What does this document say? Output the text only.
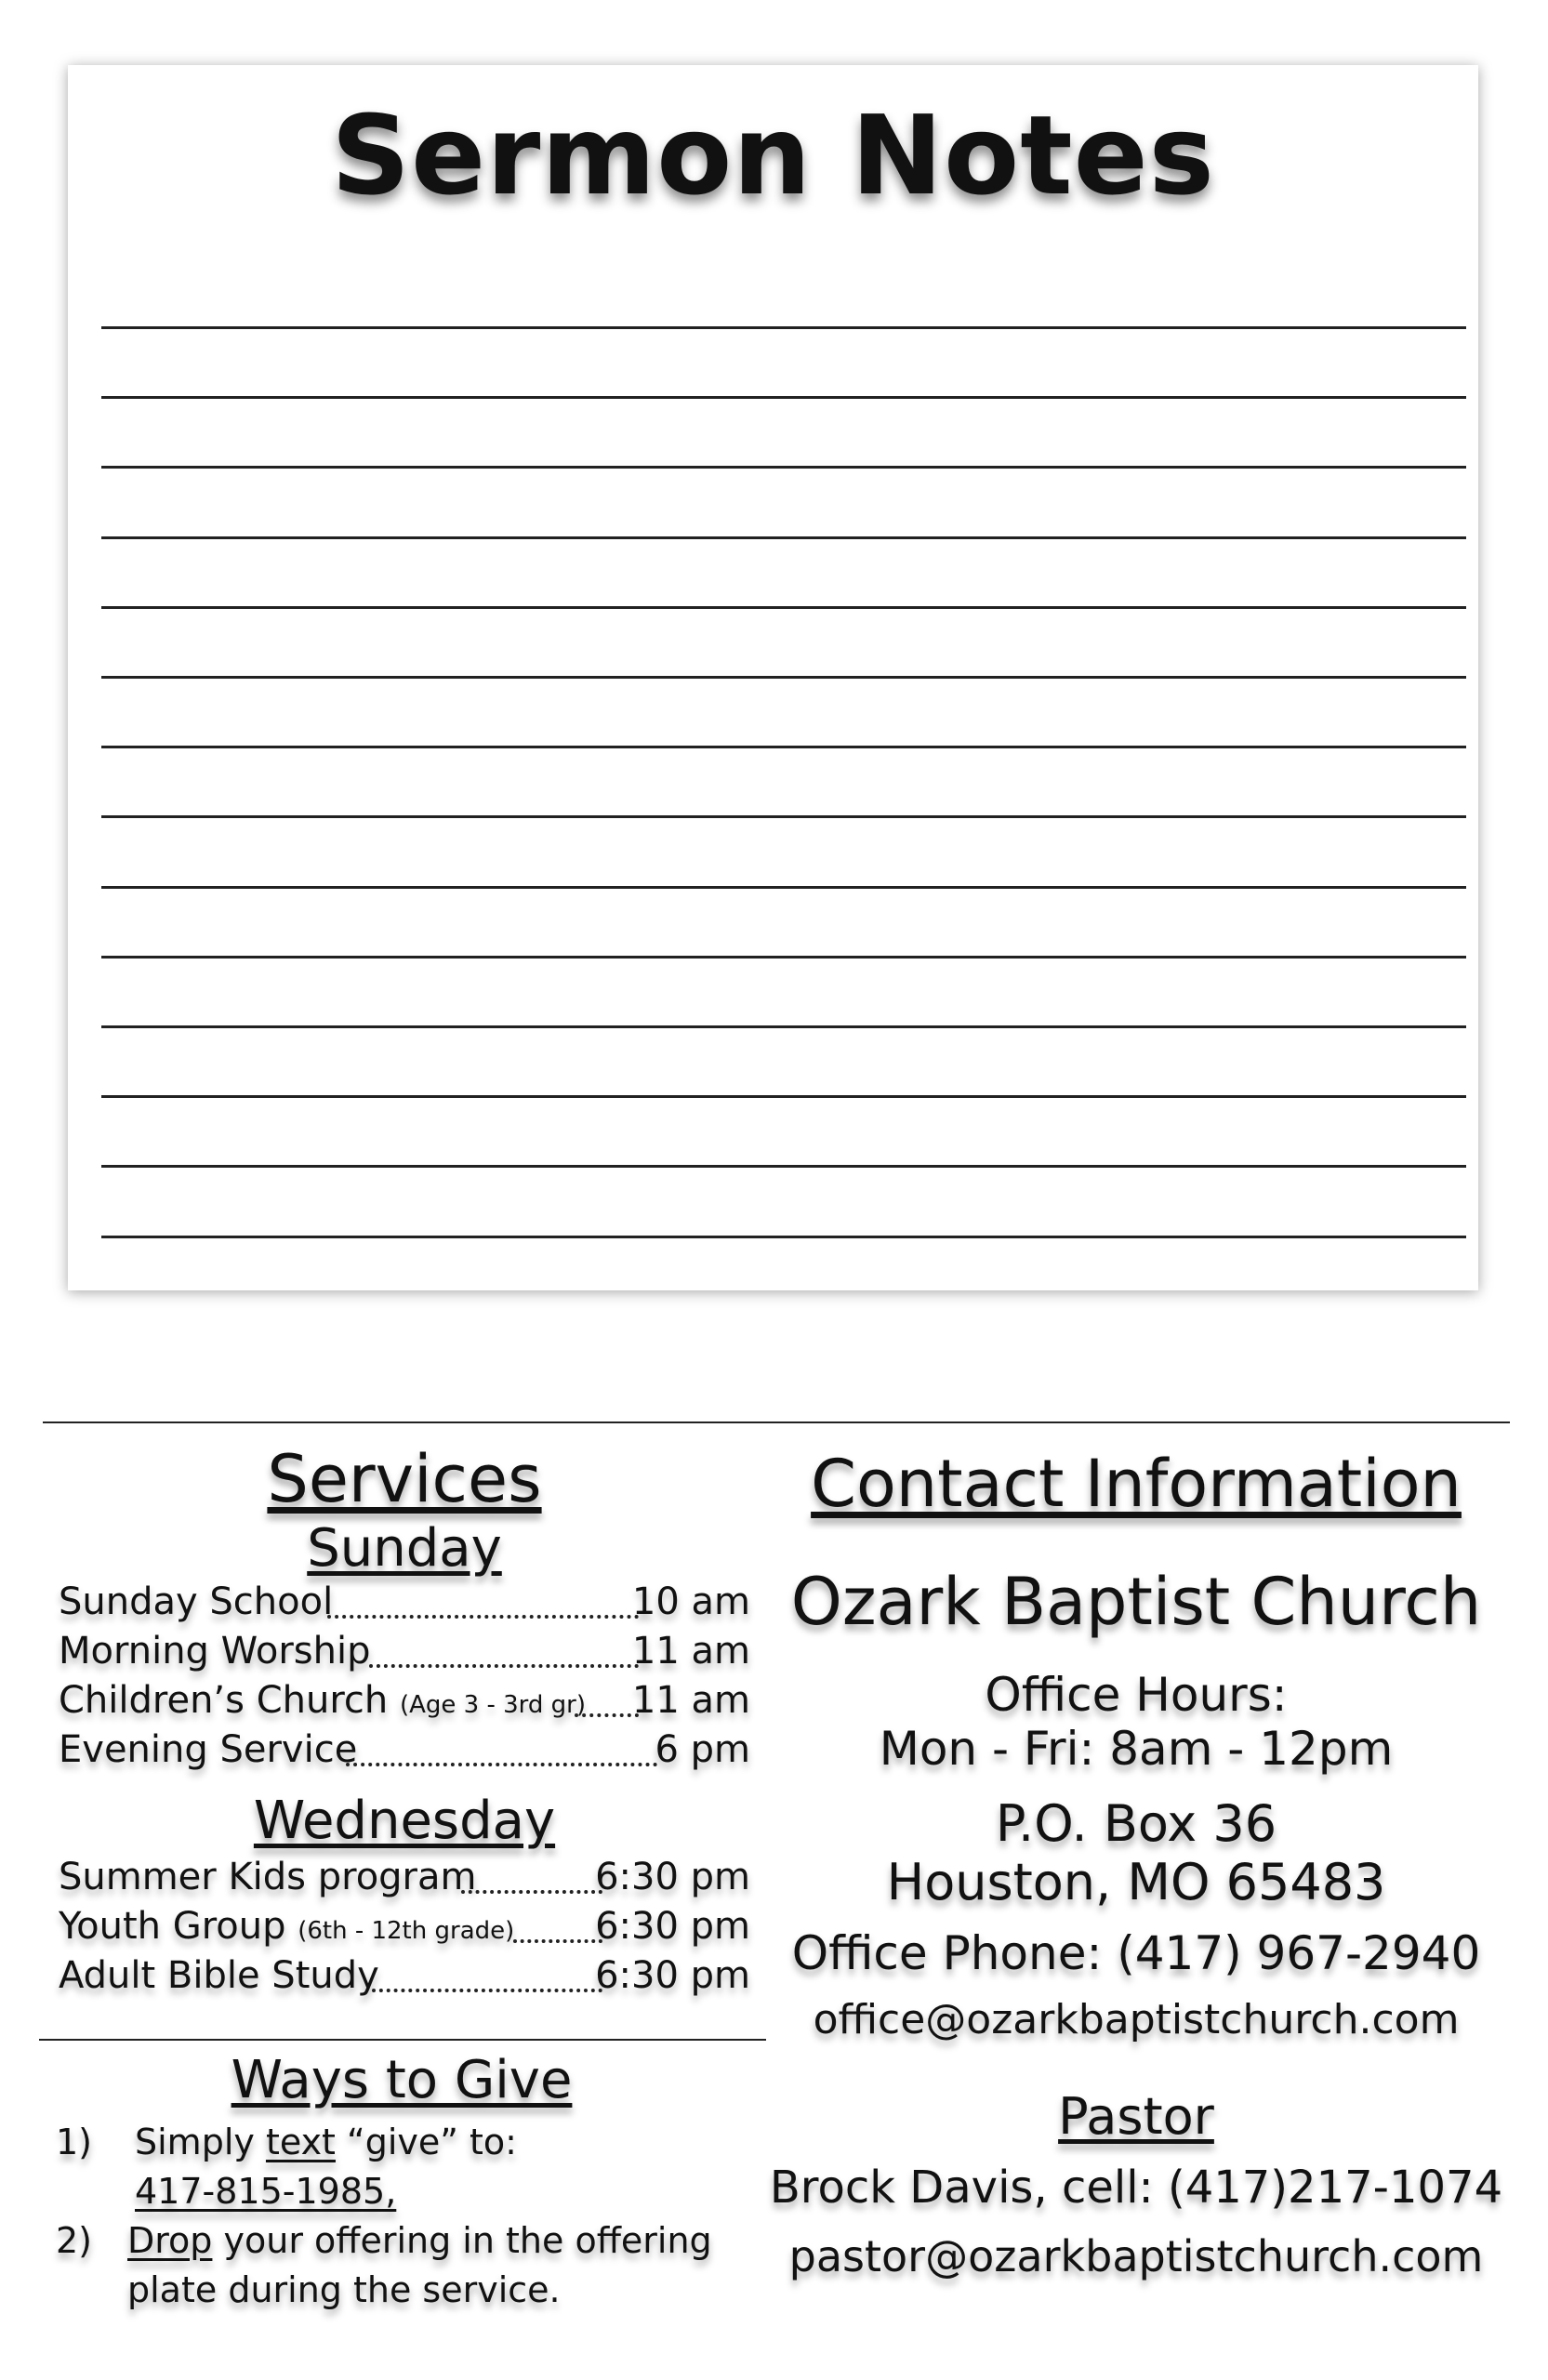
Sermon Notes
Services
Sunday
Sunday School	10 am
Morning Worship	11 am
Children’s Church (Age 3 - 3rd gr) 11 am
Evening Service	6 pm
Wednesday
Summer Kids program	6:30 pm
Youth Group (6th - 12th grade) 6:30 pm
Adult Bible Study	6:30 pm
Ways to Give
1) Simply text “give” to:
417-815-1985,
2) Drop your offering in the offering
plate during the service.
Contact Information
Ozark Baptist Church
Office Hours:
Mon - Fri: 8am - 12pm
P.O. Box 36
Houston, MO 65483
Office Phone: (417) 967-2940
office@ozarkbaptistchurch.com
Pastor
Brock Davis, cell: (417)217-1074
pastor@ozarkbaptistchurch.com
